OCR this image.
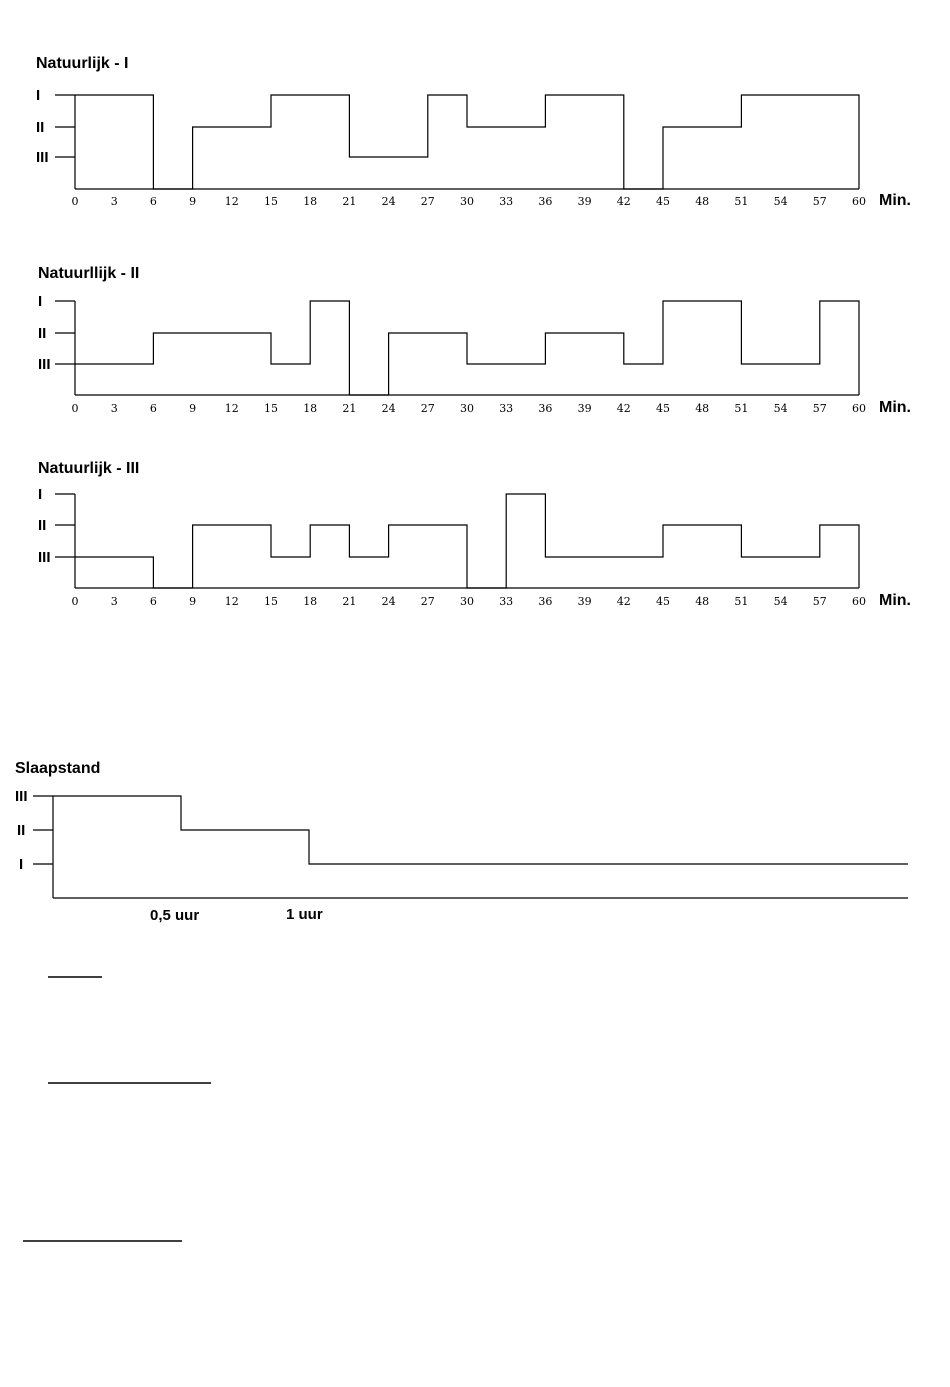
Natuurlijk - I
I
II
III
0	3	6	9	12 15 18 21 24 27 30 33 36 39 42 45 48 51 54 57 60 Min.
Natuurllijk - II
I
II
III
0	3	6	9	12 15 18 21 24 27 30 33 36 39 42 45 48 51 54 57 60 Min.
Natuurlijk - III
I
II
III
0	3	6	9	12 15 18 21 24 27 30 33 36 39 42 45 48 51 54 57 60 Min.
Slaapstand
0,5 uur	1 uur
III
II
I
